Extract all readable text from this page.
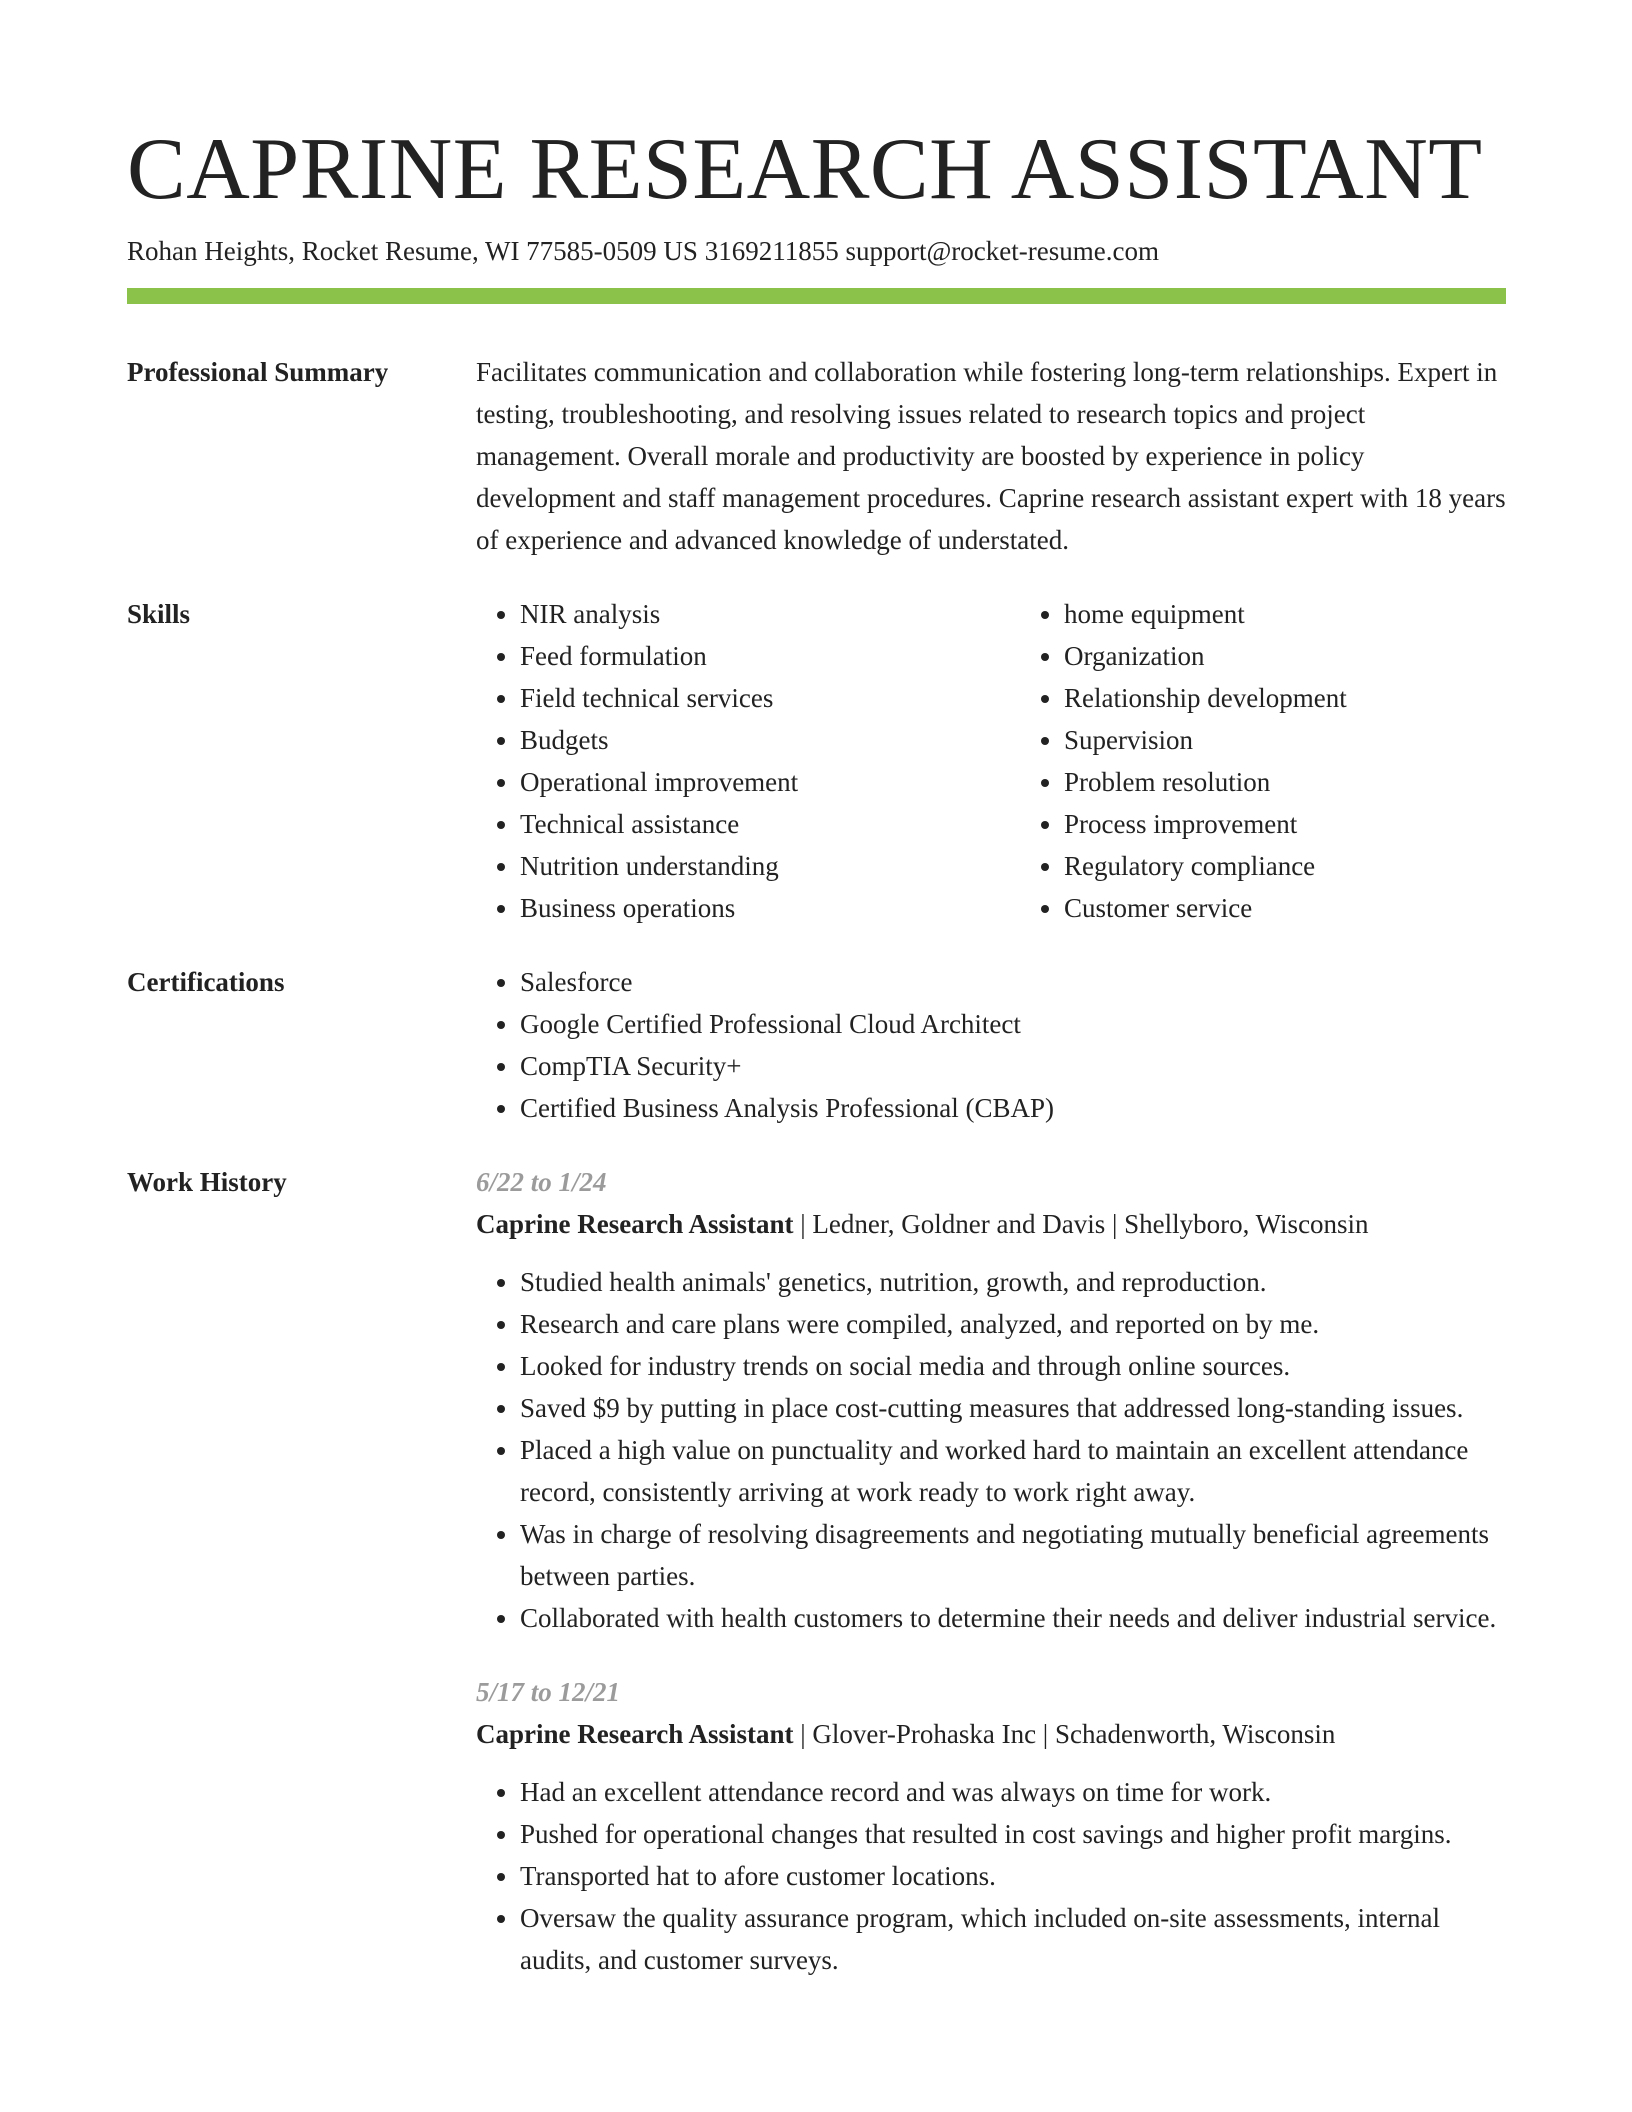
CAPRINE RESEARCH ASSISTANT
Rohan Heights, Rocket Resume, WI 77585-0509 US 3169211855 support@rocket-resume.com
Professional Summary	Facilitates communication and collaboration while fostering long-term relationships. Expert in testing, troubleshooting, and resolving issues related to research topics and project management. Overall morale and productivity are boosted by experience in policy development and staff management procedures. Caprine research assistant expert with 18 years of experience and advanced knowledge of understated.
Skills	• NIR analysis
• Feed formulation
• Field technical services
• Budgets
• Operational improvement
• Technical assistance
• Nutrition understanding
• Business operations
• home equipment
• Organization
• Relationship development
• Supervision
• Problem resolution
• Process improvement
• Regulatory compliance
• Customer service
Certifications	• Salesforce
• Google Certified Professional Cloud Architect
• CompTIA Security+
• Certified Business Analysis Professional (CBAP)
Work History	6/22 to 1/24
Caprine Research Assistant | Ledner, Goldner and Davis | Shellyboro, Wisconsin
• Studied health animals' genetics, nutrition, growth, and reproduction.
• Research and care plans were compiled, analyzed, and reported on by me.
• Looked for industry trends on social media and through online sources.
• Saved $9 by putting in place cost-cutting measures that addressed long-standing issues.
• Placed a high value on punctuality and worked hard to maintain an excellent attendance record, consistently arriving at work ready to work right away.
• Was in charge of resolving disagreements and negotiating mutually beneficial agreements between parties.
• Collaborated with health customers to determine their needs and deliver industrial service.
5/17 to 12/21
Caprine Research Assistant | Glover-Prohaska Inc | Schadenworth, Wisconsin
• Had an excellent attendance record and was always on time for work.
• Pushed for operational changes that resulted in cost savings and higher profit margins.
• Transported hat to afore customer locations.
• Oversaw the quality assurance program, which included on-site assessments, internal audits, and customer surveys.
